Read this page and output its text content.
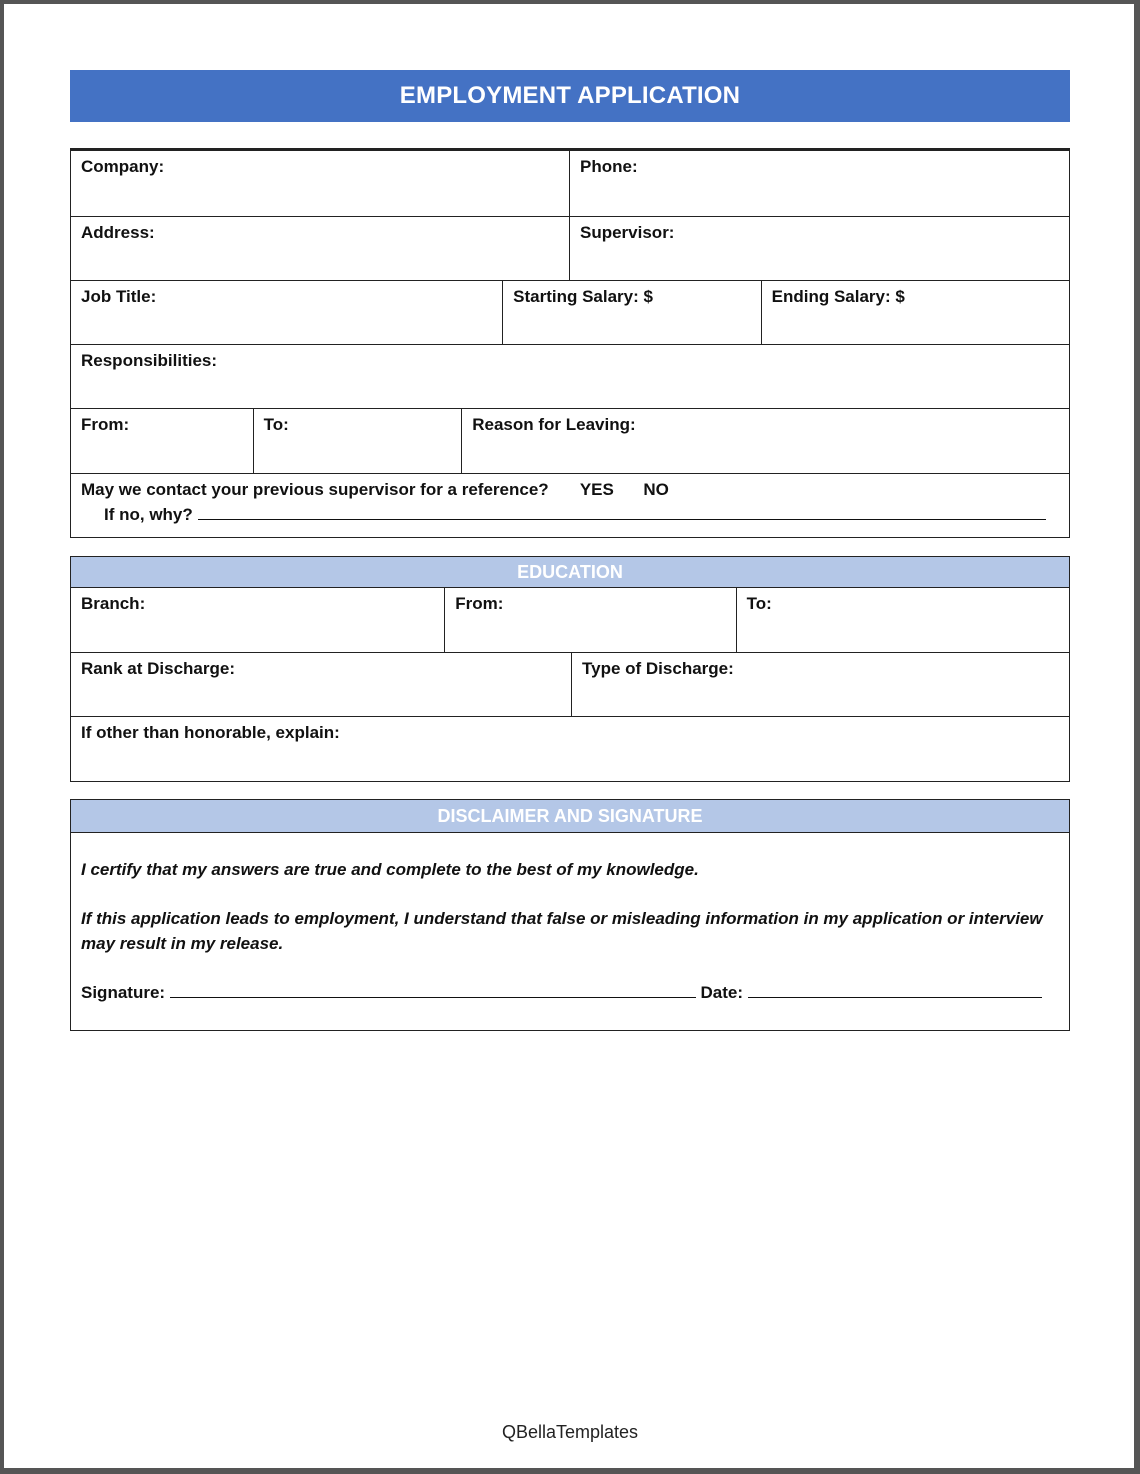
EMPLOYMENT APPLICATION
Company:	Phone:
Address:	Supervisor:
Job Title:	Starting Salary: $	Ending Salary: $
Responsibilities:
From:	To:	Reason for Leaving:
May we contact your previous supervisor for a reference? YES NO
If no, why?
EDUCATION
Branch:	From:	To:
Rank at Discharge:	Type of Discharge:
If other than honorable, explain:
DISCLAIMER AND SIGNATURE

I certify that my answers are true and complete to the best of my knowledge.

If this application leads to employment, I understand that false or misleading information in my application or interview may result in my release.

Signature:	Date:
QBellaTemplates
